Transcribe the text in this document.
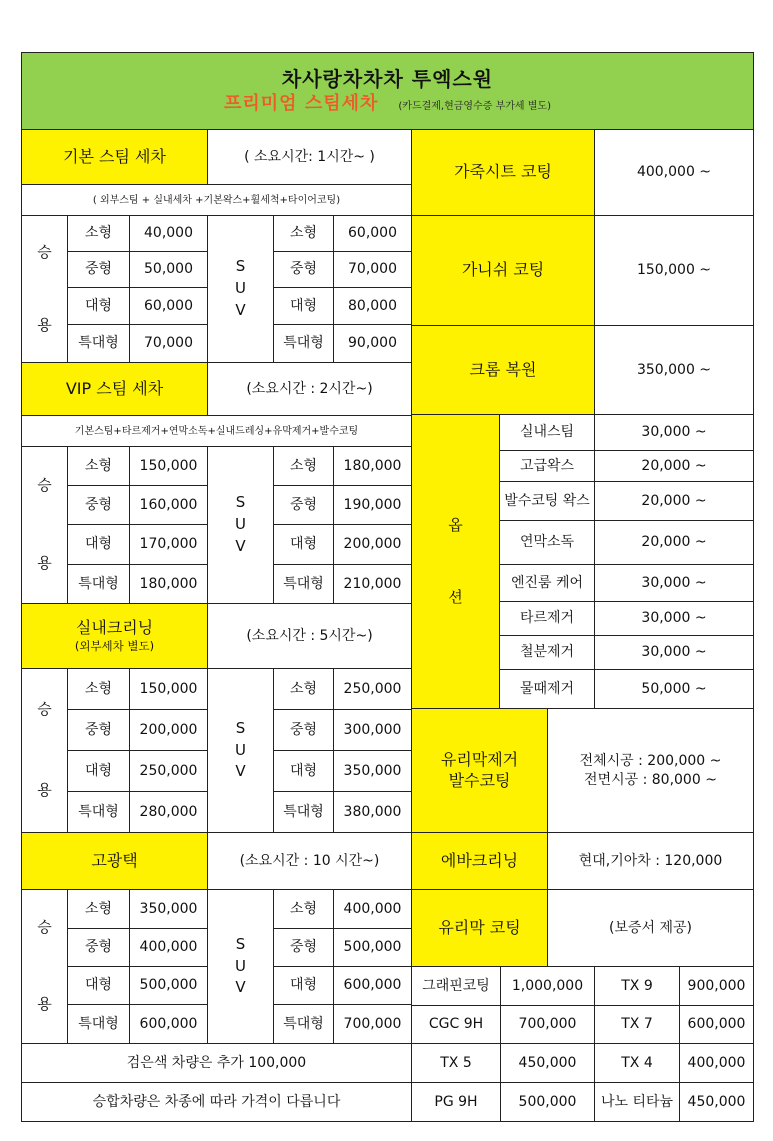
차사랑차차차 투엑스원
프리미엄 스팀세차 (카드결제,현금영수증 부가세 별도)
기본 스팀 세차	( 소요시간: 1시간~ )
( 외부스팀 + 실내세차 +기본왁스+휠세척+타이어코팅)
승
용
S
U
V
VIP 스팀 세차	(소요시간 : 2시간~)
기본스팀+타르제거+연막소독+실내드레싱+유막제거+발수코팅
승
용
S
U
V
실내크리닝
(외부세차 별도)
(소요시간 : 5시간~)
승
용
S
U
V
고광택	(소요시간 : 10 시간~)
승
용
S
U
V
검은색 차량은 추가 100,000
승합차량은 차종에 따라 가격이 다릅니다
가죽시트 코팅	400,000 ~
가니쉬 코팅	150,000 ~
크롬 복원	350,000 ~
옵
션
유리막제거
발수코팅
전체시공 : 200,000 ~
전면시공 : 80,000 ~
에바크리닝	현대,기아차 : 120,000
유리막 코팅	(보증서 제공)
소형	40,000	소형	60,000
중형	50,000	중형	70,000
대형	60,000	대형	80,000
특대형	70,000	특대형	90,000
소형	150,000	소형	180,000
중형	160,000	중형	190,000
대형	170,000	대형	200,000
특대형	180,000	특대형	210,000
소형	150,000	소형	250,000
중형	200,000	중형	300,000
대형	250,000	대형	350,000
특대형	280,000	특대형	380,000
소형	350,000	소형	400,000
중형	400,000	중형	500,000
대형	500,000	대형	600,000
특대형	600,000	특대형	700,000
실내스팀	30,000 ~
고급왁스	20,000 ~
발수코팅 왁스	20,000 ~
연막소독	20,000 ~
엔진룸 케어	30,000 ~
타르제거	30,000 ~
철분제거	30,000 ~
물때제거	50,000 ~
그래핀코팅	1,000,000	TX 9	900,000
CGC 9H	700,000	TX 7	600,000
TX 5	450,000	TX 4	400,000
PG 9H	500,000	나노 티타늄	450,000
